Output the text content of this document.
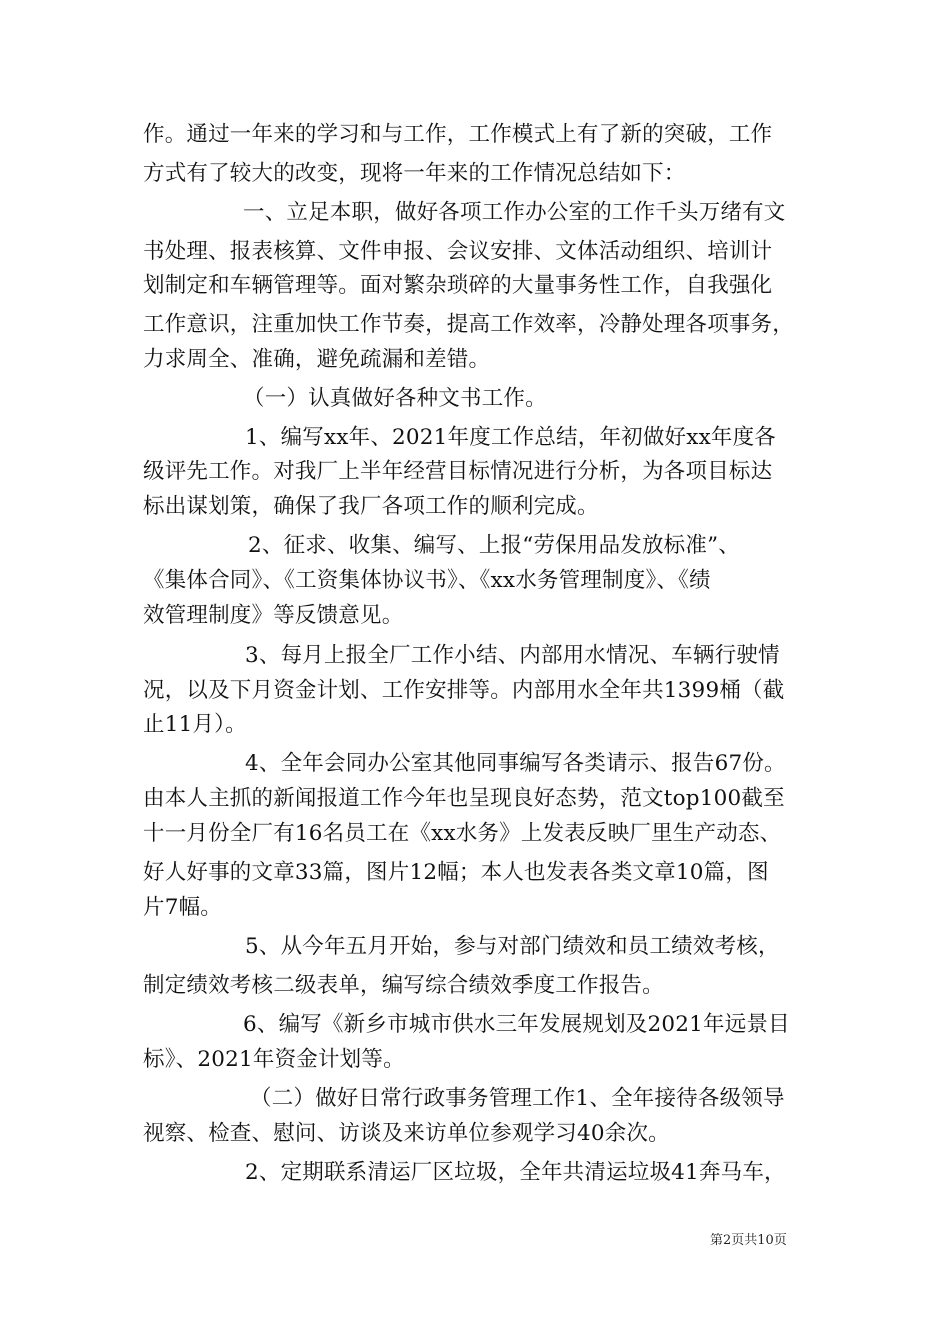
作。通过一年来的学习和与工作，工作模式上有了新的突破，工作
方式有了较大的改变，现将一年来的工作情况总结如下：
一、立足本职，做好各项工作办公室的工作千头万绪有文
书处理、报表核算、文件申报、会议安排、文体活动组织、培训计
划制定和车辆管理等。面对繁杂琐碎的大量事务性工作，自我强化
工作意识，注重加快工作节奏，提高工作效率，冷静处理各项事务，
力求周全、准确，避免疏漏和差错。
（一）认真做好各种文书工作。
1、编写xx年、2021年度工作总结，年初做好xx年度各
级评先工作。对我厂上半年经营目标情况进行分析，为各项目标达
标出谋划策，确保了我厂各项工作的顺利完成。
2、征求、收集、编写、上报“劳保用品发放标准”、
《集体合同》、《工资集体协议书》、《xx水务管理制度》、《绩
效管理制度》等反馈意见。
3、每月上报全厂工作小结、内部用水情况、车辆行驶情
况，以及下月资金计划、工作安排等。内部用水全年共1399桶（截
止11月）。
4、全年会同办公室其他同事编写各类请示、报告67份。
由本人主抓的新闻报道工作今年也呈现良好态势，范文top100截至
十一月份全厂有16名员工在《xx水务》上发表反映厂里生产动态、
好人好事的文章33篇，图片12幅；本人也发表各类文章10篇，图
片7幅。
5、从今年五月开始，参与对部门绩效和员工绩效考核，
制定绩效考核二级表单，编写综合绩效季度工作报告。
6、编写《新乡市城市供水三年发展规划及2021年远景目
标》、2021年资金计划等。
（二）做好日常行政事务管理工作1、全年接待各级领导
视察、检查、慰问、访谈及来访单位参观学习40余次。
2、定期联系清运厂区垃圾，全年共清运垃圾41奔马车，
第2页共10页
